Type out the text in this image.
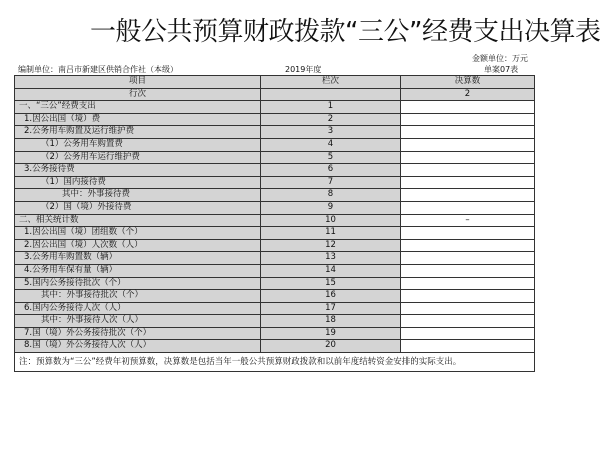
一般公共预算财政拨款“三公”经费支出决算表
金额单位：万元
编制单位：南吕市新建区供销合作社（本级）	2019年度	单案07表
项目	栏次	决算数
行次		2
一、“三公”经费支出	1	
1.因公出国（境）费	2	
2.公务用车购置及运行维护费	3	
（1）公务用车购置费	4	
（2）公务用车运行维护费	5	
3.公务接待费	6	
（1）国内接待费	7	
其中：外事接待费	8	
（2）国（境）外接待费	9	
二、相关统计数	10	–
1.因公出国（境）团组数（个）	11	
2.因公出国（境）人次数（人）	12	
3.公务用车购置数（辆）	13	
4.公务用车保有量（辆）	14	
5.国内公务接待批次（个）	15	
其中：外事接待批次（个）	16	
6.国内公务接待人次（人）	17	
其中：外事接待人次（人）	18	
7.国（境）外公务接待批次（个）	19	
8.国（境）外公务接待人次（人）	20	
注：预算数为“三公”经费年初预算数，决算数是包括当年一般公共预算财政拨款和以前年度结转资金安排的实际支出。		
